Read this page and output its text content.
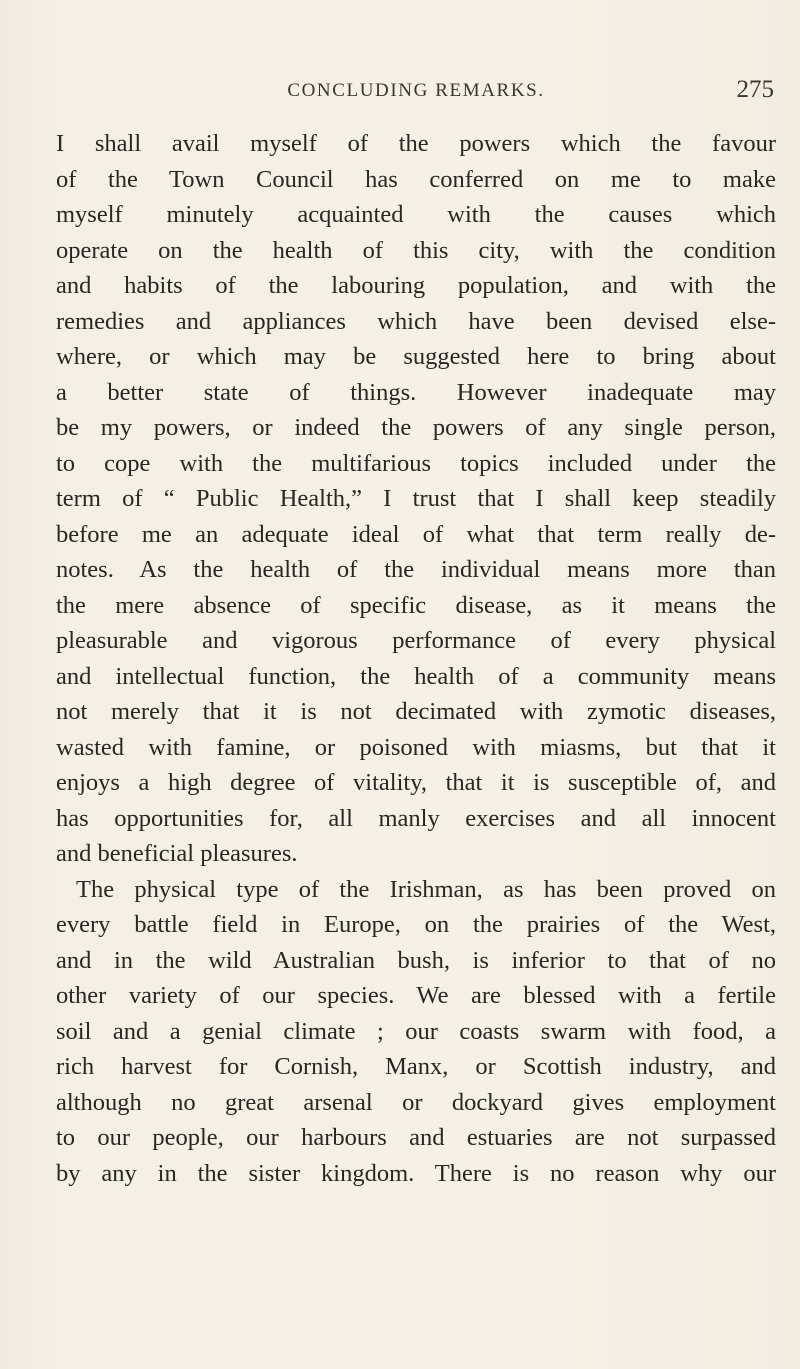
CONCLUDING REMARKS.	275
I shall avail myself of the powers which the favour
of the Town Council has conferred on me to make
myself minutely acquainted with the causes which
operate on the health of this city, with the condition
and habits of the labouring population, and with the
remedies and appliances which have been devised else-
where, or which may be suggested here to bring about
a better state of things. However inadequate may
be my powers, or indeed the powers of any single person,
to cope with the multifarious topics included under the
term of “ Public Health,” I trust that I shall keep steadily
before me an adequate ideal of what that term really de-
notes. As the health of the individual means more than
the mere absence of specific disease, as it means the
pleasurable and vigorous performance of every physical
and intellectual function, the health of a community means
not merely that it is not decimated with zymotic diseases,
wasted with famine, or poisoned with miasms, but that it
enjoys a high degree of vitality, that it is susceptible of, and
has opportunities for, all manly exercises and all innocent
and beneficial pleasures.
The physical type of the Irishman, as has been proved on
every battle field in Europe, on the prairies of the West,
and in the wild Australian bush, is inferior to that of no
other variety of our species. We are blessed with a fertile
soil and a genial climate ; our coasts swarm with food, a
rich harvest for Cornish, Manx, or Scottish industry, and
although no great arsenal or dockyard gives employment
to our people, our harbours and estuaries are not surpassed
by any in the sister kingdom. There is no reason why our
